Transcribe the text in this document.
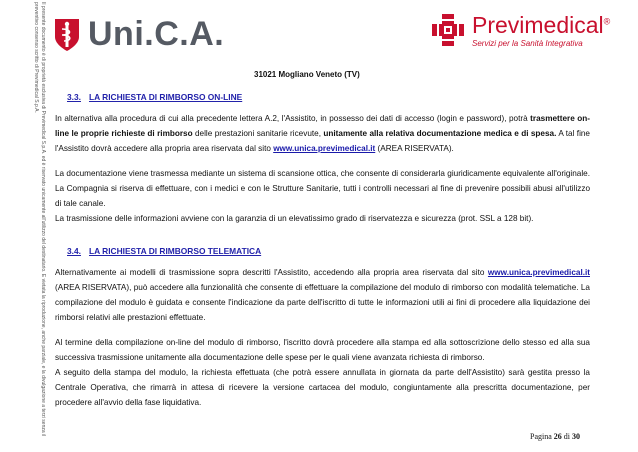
Il presente documento è di proprietà esclusiva di Previmedical S.p.A. ed è riservato unicamente all'utilizzo del destinatario. È vietata la riproduzione, anche parziale, e la divulgazione a terzi senza il preventivo consenso scritto di Previmedical S.p.A. Uni.C.A.	Previmedical®
Servizi per la Sanità Integrativa
31021 Mogliano Veneto (TV)
3.3. LA RICHIESTA DI RIMBORSO ON-LINE

In alternativa alla procedura di cui alla precedente lettera A.2, l'Assistito, in possesso dei dati di accesso (login e password), potrà trasmettere on-line le proprie richieste di rimborso delle prestazioni sanitarie ricevute, unitamente alla relativa documentazione medica e di spesa. A tal fine l'Assistito dovrà accedere alla propria area riservata dal sito www.unica.previmedical.it (AREA RISERVATA).

La documentazione viene trasmessa mediante un sistema di scansione ottica, che consente di considerarla giuridicamente equivalente all'originale. La Compagnia si riserva di effettuare, con i medici e con le Strutture Sanitarie, tutti i controlli necessari al fine di prevenire possibili abusi all'utilizzo di tale canale.

La trasmissione delle informazioni avviene con la garanzia di un elevatissimo grado di riservatezza e sicurezza (prot. SSL a 128 bit).

3.4. LA RICHIESTA DI RIMBORSO TELEMATICA

Alternativamente ai modelli di trasmissione sopra descritti l'Assistito, accedendo alla propria area riservata dal sito www.unica.previmedical.it (AREA RISERVATA), può accedere alla funzionalità che consente di effettuare la compilazione del modulo di rimborso con modalità telematiche. La compilazione del modulo è guidata e consente l'indicazione da parte dell'iscritto di tutte le informazioni utili ai fini di procedere alla liquidazione dei rimborsi relativi alle prestazioni effettuate.

Al termine della compilazione on-line del modulo di rimborso, l'iscritto dovrà procedere alla stampa ed alla sottoscrizione dello stesso ed alla sua successiva trasmissione unitamente alla documentazione delle spese per le quali viene avanzata richiesta di rimborso.

A seguito della stampa del modulo, la richiesta effettuata (che potrà essere annullata in giornata da parte dell'Assistito) sarà gestita presso la Centrale Operativa, che rimarrà in attesa di ricevere la versione cartacea del modulo, congiuntamente alla prescritta documentazione, per procedere all'avvio della fase liquidativa.

Pagina 26 di 30
